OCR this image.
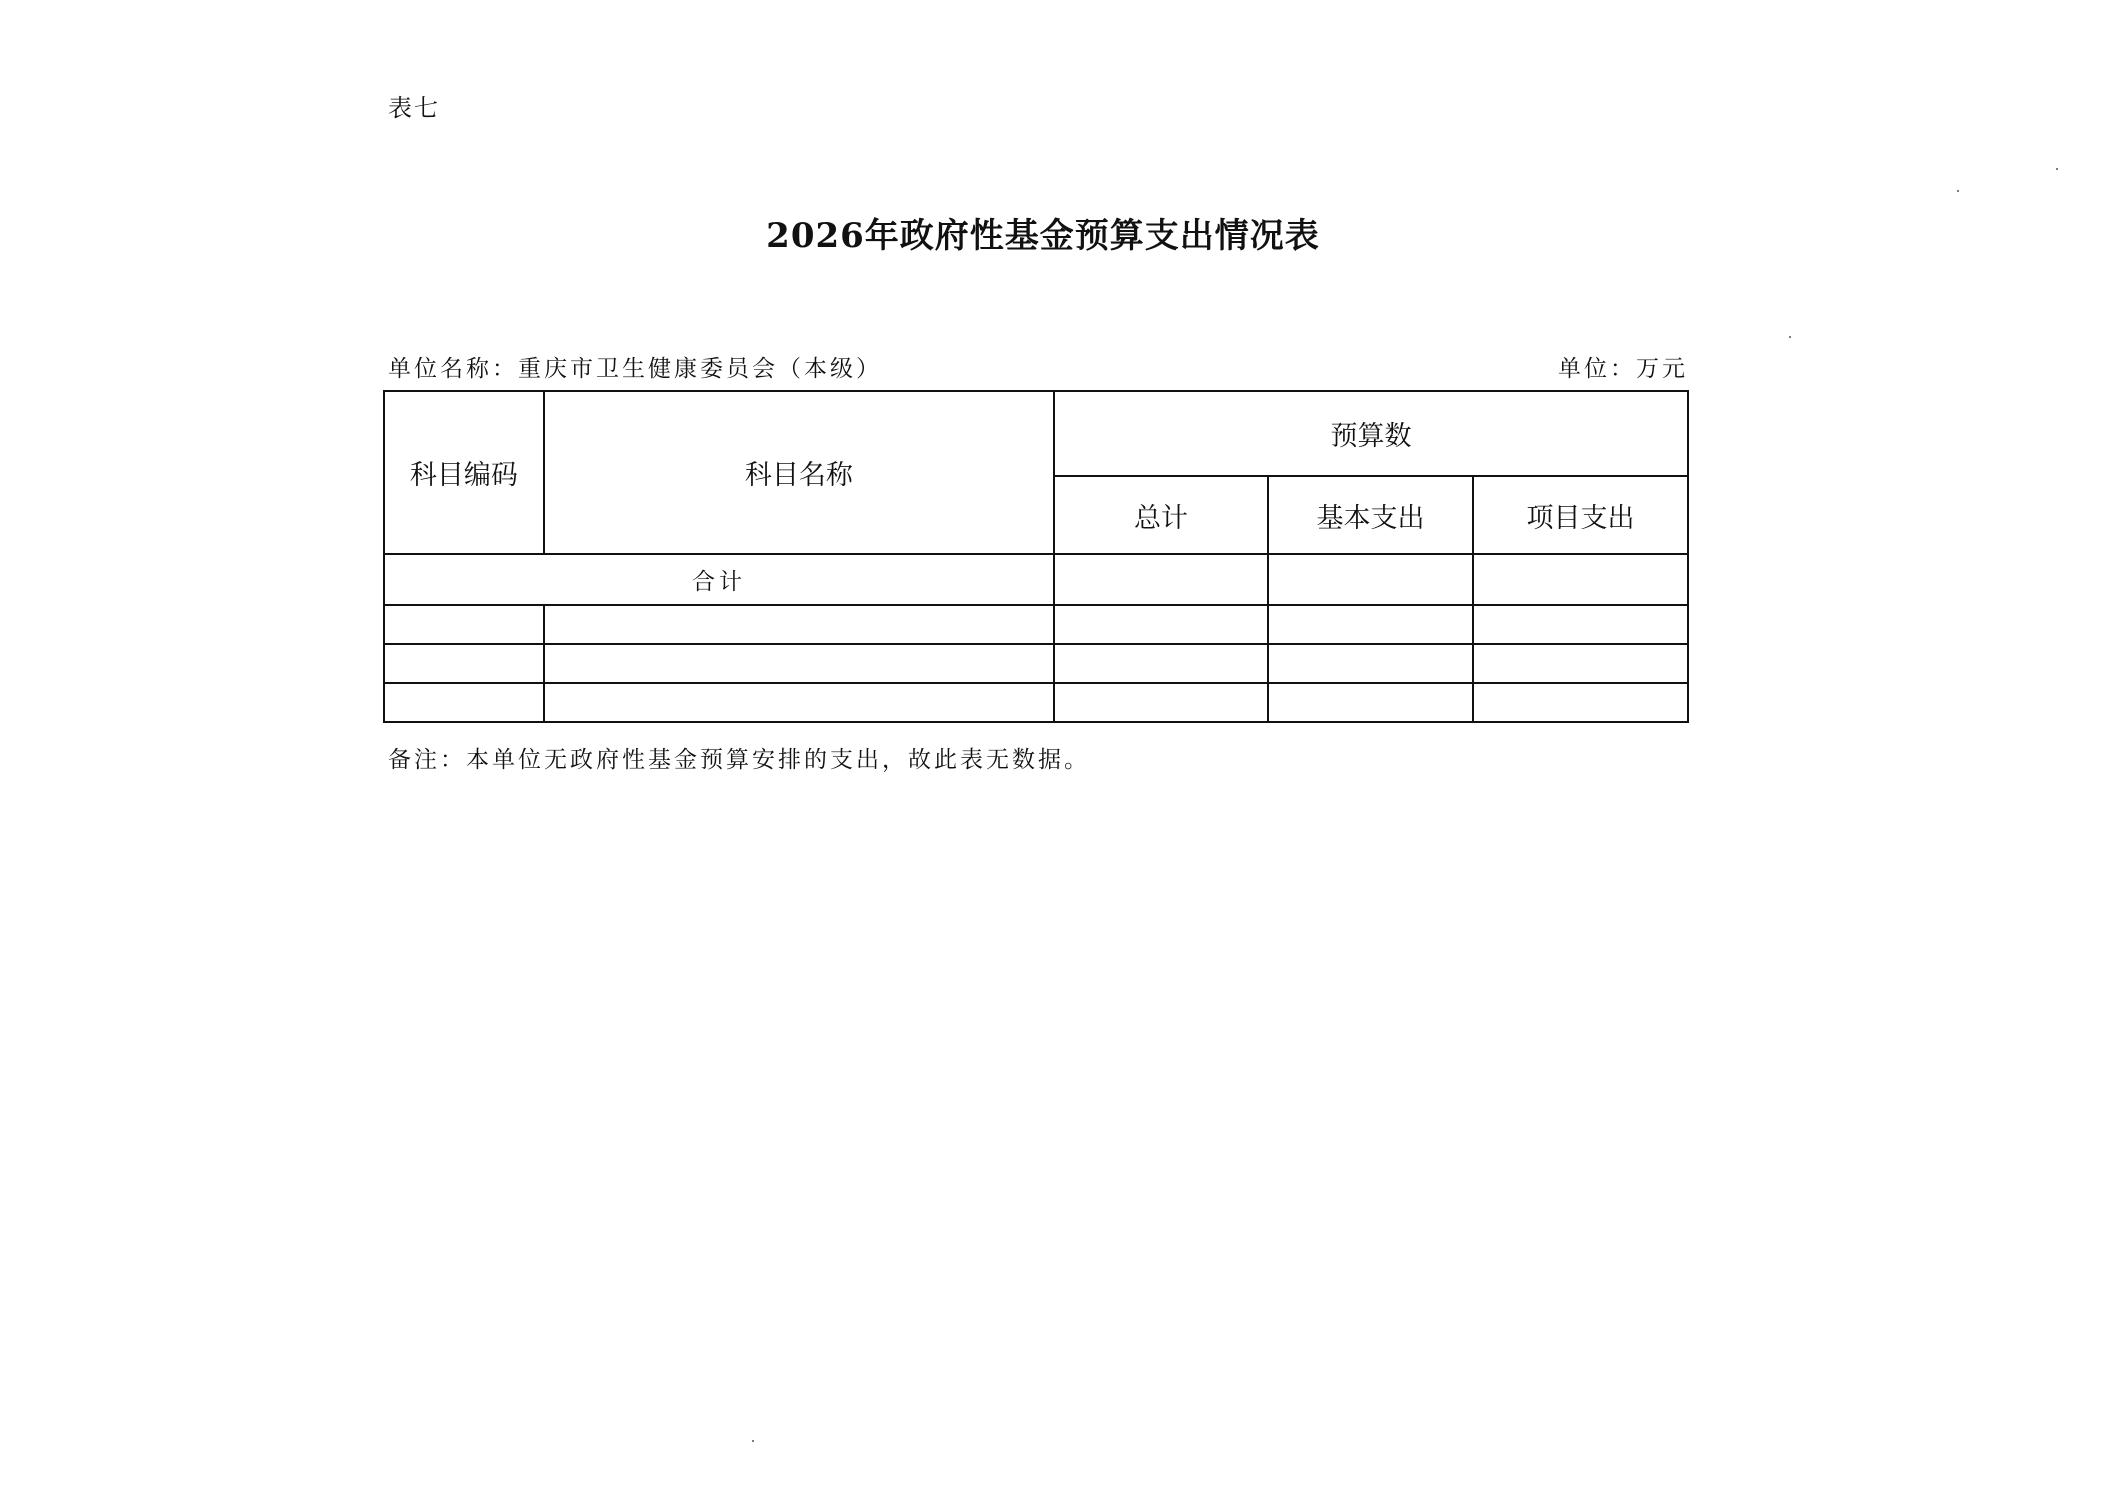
表七
2026年政府性基金预算支出情况表
单位名称：重庆市卫生健康委员会（本级）	单位：万元
科目编码	科目名称	预算数		
		总计	基本支出	项目支出
合计				

备注：本单位无政府性基金预算安排的支出，故此表无数据。
